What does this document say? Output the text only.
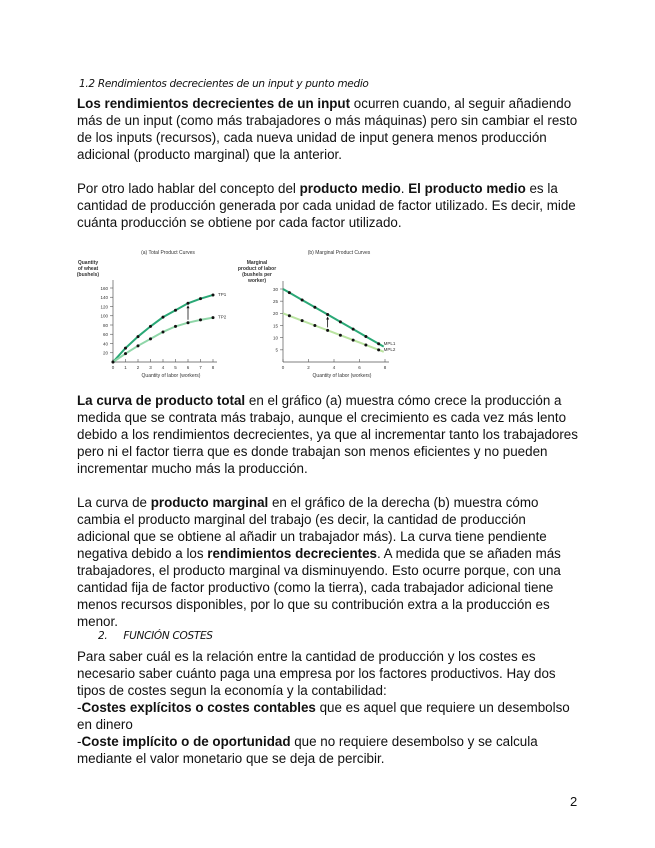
1.2 Rendimientos decrecientes de un input y punto medio
Los rendimientos decrecientes de un input ocurren cuando, al seguir añadiendo más de un input (como más trabajadores o más máquinas) pero sin cambiar el resto de los inputs (recursos), cada nueva unidad de input genera menos producción adicional (producto marginal) que la anterior.
Por otro lado hablar del concepto del producto medio. El producto medio es la cantidad de producción generada por cada unidad de factor utilizado. Es decir, mide cuánta producción se obtiene por cada factor utilizado.
(a) Total Product Curves
Quantity
of wheat
(bushels)
20
40
60
80
100
120
140
160
0 1 2 3 4 5 6 7 8
Quantity of labor (workers)
TP1
TP2
(b) Marginal Product Curves
Marginal
product of labor
(bushels per
worker)
5
10
15
20
25
30
0	2	4	6	8
Quantity of labor (workers)
MPL1
MPL2
La curva de producto total en el gráfico (a) muestra cómo crece la producción a medida que se contrata más trabajo, aunque el crecimiento es cada vez más lento debido a los rendimientos decrecientes, ya que al incrementar tanto los trabajadores pero ni el factor tierra que es donde trabajan son menos eficientes y no pueden incrementar mucho más la producción.
La curva de producto marginal en el gráfico de la derecha (b) muestra cómo cambia el producto marginal del trabajo (es decir, la cantidad de producción adicional que se obtiene al añadir un trabajador más). La curva tiene pendiente negativa debido a los rendimientos decrecientes. A medida que se añaden más trabajadores, el producto marginal va disminuyendo. Esto ocurre porque, con una cantidad fija de factor productivo (como la tierra), cada trabajador adicional tiene menos recursos disponibles, por lo que su contribución extra a la producción es menor.
2. FUNCIÓN COSTES
Para saber cuál es la relación entre la cantidad de producción y los costes es necesario saber cuánto paga una empresa por los factores productivos. Hay dos tipos de costes segun la economía y la contabilidad:
-Costes explícitos o costes contables que es aquel que requiere un desembolso en dinero
-Coste implícito o de oportunidad que no requiere desembolso y se calcula mediante el valor monetario que se deja de percibir.
2
